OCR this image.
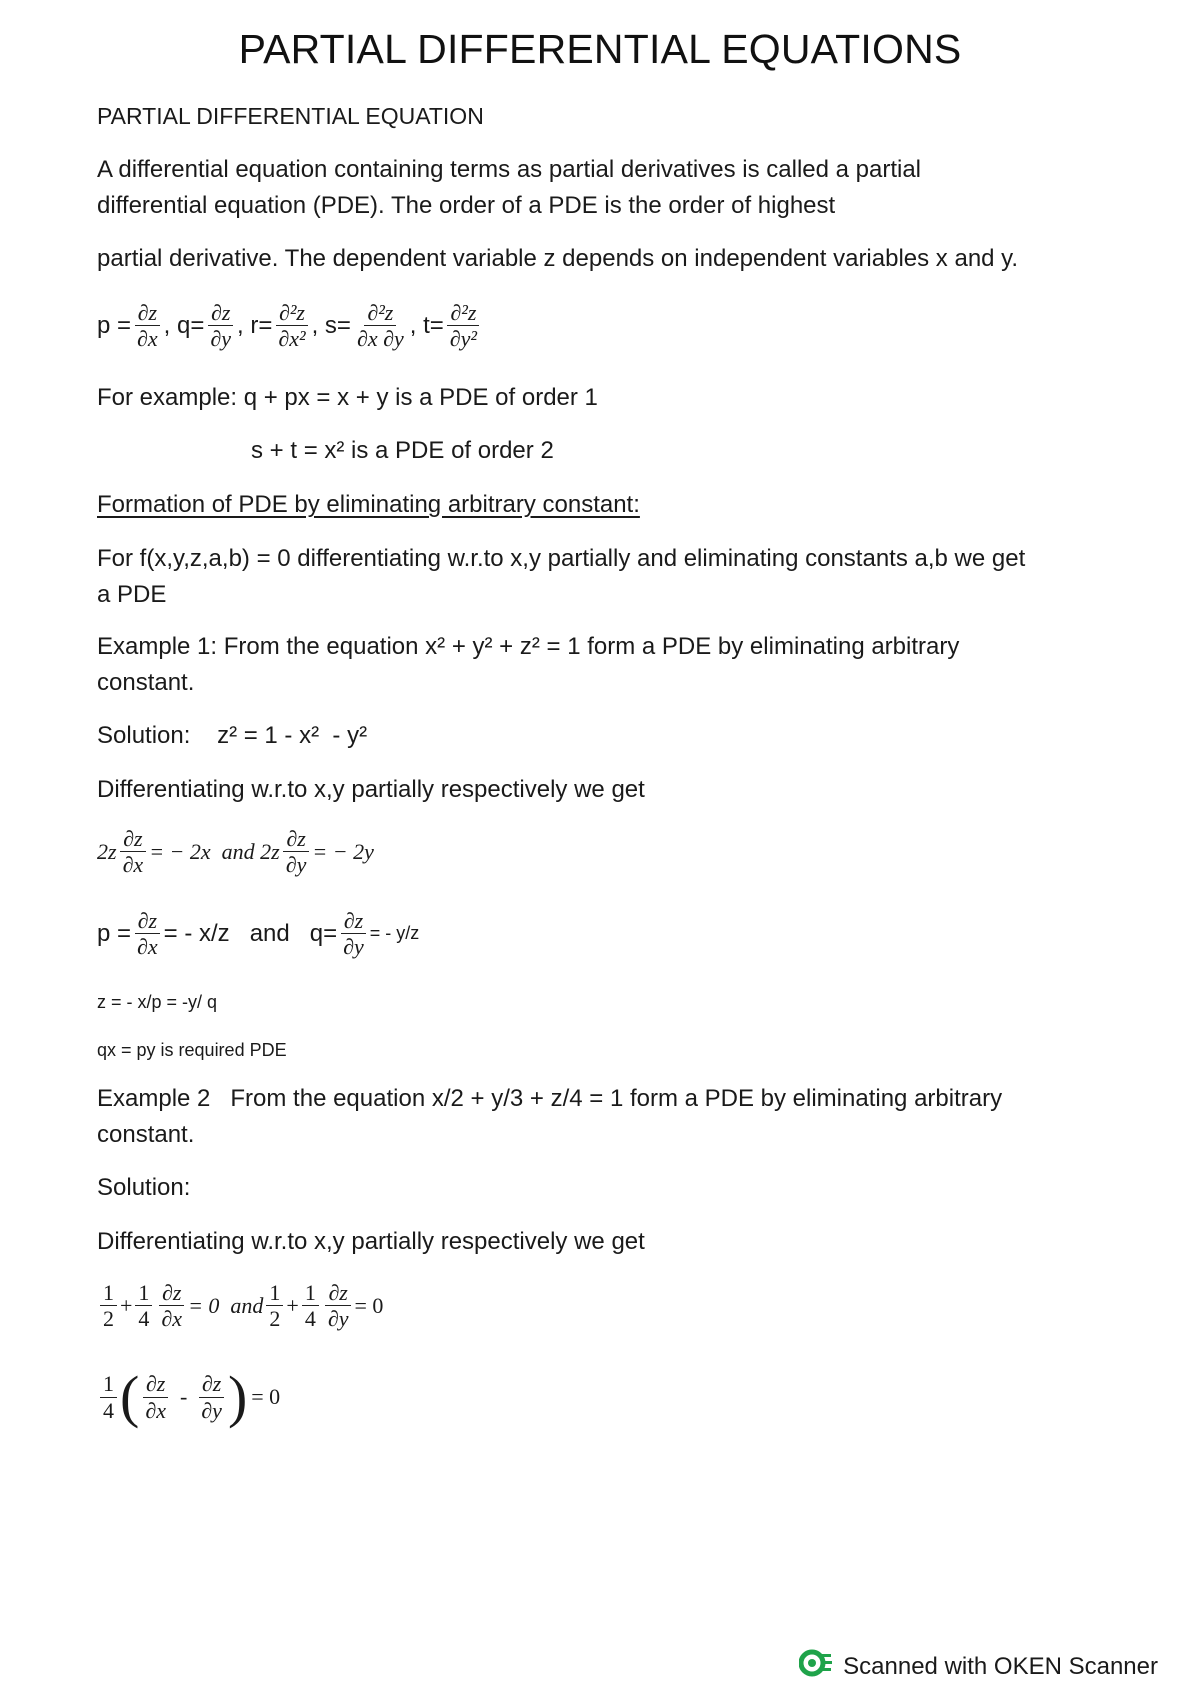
PARTIAL DIFFERENTIAL EQUATIONS
PARTIAL DIFFERENTIAL EQUATION
A differential equation containing terms as partial derivatives is called a partial
differential equation (PDE). The order of a PDE is the order of highest
partial derivative. The dependent variable z depends on independent variables x and y.
$p = \frac{\partial z}{\partial x}$ , $q= \frac{\partial z}{\partial y}$ , $r= \frac{\text{∂²z}}{\text{∂x²}}$ , $s= \frac{\text{∂²z}}{\partial x \partial y}$ , $t= \frac{\text{∂²z}}{\text{∂y²}}$
For example: q + px = x + y is a PDE of order 1
s + t = x² is a PDE of order 2
Formation of PDE by eliminating arbitrary constant:
For f(x,y,z,a,b) = 0 differentiating w.r.to x,y partially and eliminating constants a,b we get
a PDE
Example 1: From the equation x² + y² + z² = 1 form a PDE by eliminating arbitrary
constant.
Solution:    z² = 1 - x²  - y²
Differentiating w.r.to x,y partially respectively we get
$2z \frac{\partial z}{\partial x}$ = − 2x  and $2z \frac{\partial z}{\partial y}$ = − 2y
$p = \frac{\partial z}{\partial x}$ = - x/z   and   $q= \frac{\partial z}{\partial y}$ = - y/z
z = - x/p = -y/ q
qx = py is required PDE
Example 2   From the equation x/2 + y/3 + z/4 = 1 form a PDE by eliminating arbitrary
constant.
Solution:
Differentiating w.r.to x,y partially respectively we get
$\frac{1}{2} + \frac{1}{4} \frac{\partial z}{\partial x} = 0$  and $\frac{1}{2} + \frac{1}{4} \frac{\partial z}{\partial y} = 0$
$\frac{1}{4}$ ( $\frac{\partial z}{\partial x} - \frac{\partial z}{\partial y}$ ) = 0
Scanned with OKEN Scanner
